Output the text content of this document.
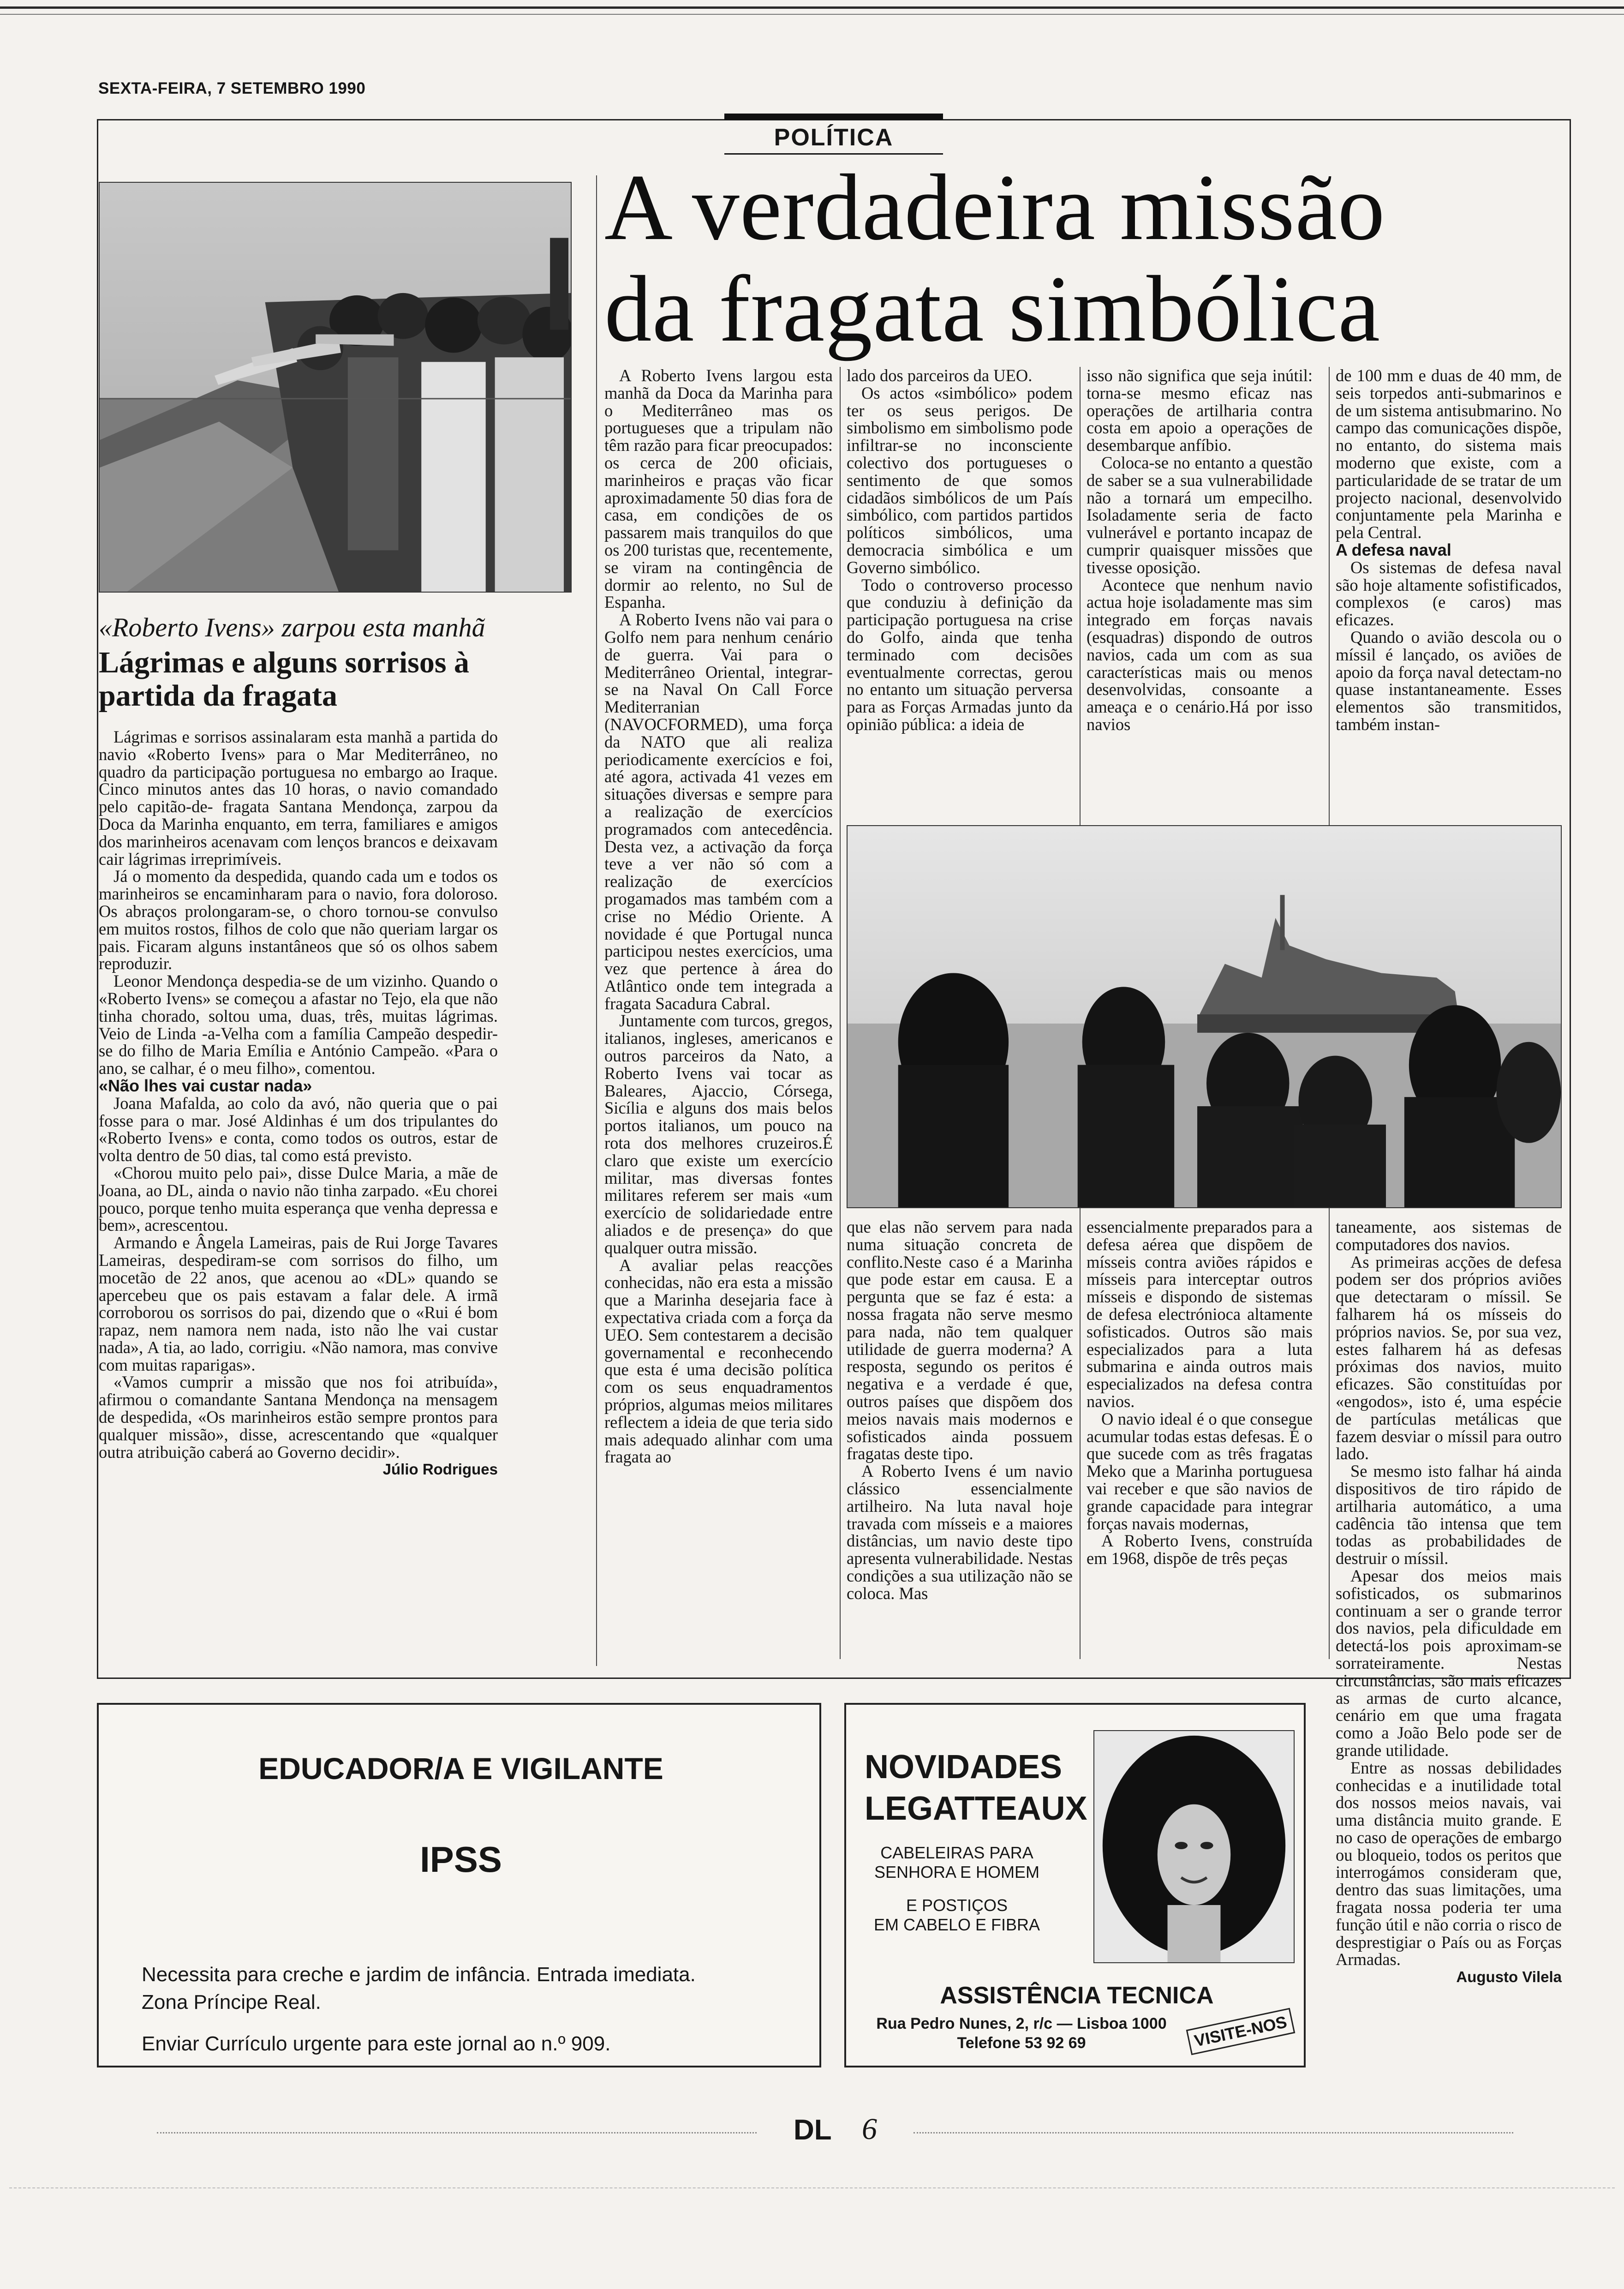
SEXTA-FEIRA, 7 SETEMBRO 1990
POLÍTICA
A verdadeira missão
da fragata simbólica
«Roberto Ivens» zarpou esta manhã
Lágrimas e alguns sorrisos à partida da fragata

Lágrimas e sorrisos assinalaram esta manhã a partida do navio «Roberto Ivens» para o Mar Mediterrâneo, no quadro da participação portuguesa no embargo ao Iraque. Cinco minutos antes das 10 horas, o navio comandado pelo capitão-de- fragata Santana Mendonça, zarpou da Doca da Marinha enquanto, em terra, familiares e amigos dos marinheiros acenavam com lenços brancos e deixavam cair lágrimas irreprimíveis.

Já o momento da despedida, quando cada um e todos os marinheiros se encaminharam para o navio, fora doloroso. Os abraços prolongaram-se, o choro tornou-se convulso em muitos rostos, filhos de colo que não queriam largar os pais. Ficaram alguns instantâneos que só os olhos sabem reproduzir.

Leonor Mendonça despedia-se de um vizinho. Quando o «Roberto Ivens» se começou a afastar no Tejo, ela que não tinha chorado, soltou uma, duas, três, muitas lágrimas. Veio de Linda -a-Velha com a família Campeão despedir-se do filho de Maria Emília e António Campeão. «Para o ano, se calhar, é o meu filho», comentou.

«Não lhes vai custar nada»

Joana Mafalda, ao colo da avó, não queria que o pai fosse para o mar. José Aldinhas é um dos tripulantes do «Roberto Ivens» e conta, como todos os outros, estar de volta dentro de 50 dias, tal como está previsto.

«Chorou muito pelo pai», disse Dulce Maria, a mãe de Joana, ao DL, ainda o navio não tinha zarpado. «Eu chorei pouco, porque tenho muita esperança que venha depressa e bem», acrescentou.

Armando e Ângela Lameiras, pais de Rui Jorge Tavares Lameiras, despediram-se com sorrisos do filho, um mocetão de 22 anos, que acenou ao «DL» quando se apercebeu que os pais estavam a falar dele. A irmã corroborou os sorrisos do pai, dizendo que o «Rui é bom rapaz, nem namora nem nada, isto não lhe vai custar nada», A tia, ao lado, corrigiu. «Não namora, mas convive com muitas raparigas».

«Vamos cumprir a missão que nos foi atribuída», afirmou o comandante Santana Mendonça na mensagem de despedida, «Os marinheiros estão sempre prontos para qualquer missão», disse, acrescentando que «qualquer outra atribuição caberá ao Governo decidir».

Júlio Rodrigues

A Roberto Ivens largou esta manhã da Doca da Marinha para o Mediterrâneo mas os portugueses que a tripulam não têm razão para ficar preocupados: os cerca de 200 oficiais, marinheiros e praças vão ficar aproximadamente 50 dias fora de casa, em condições de os passarem mais tranquilos do que os 200 turistas que, recentemente, se viram na contingência de dormir ao relento, no Sul de Espanha.

A Roberto Ivens não vai para o Golfo nem para nenhum cenário de guerra. Vai para o Mediterrâneo Oriental, integrar-se na Naval On Call Force Mediterranian (NAVOCFORMED), uma força da NATO que ali realiza periodicamente exercícios e foi, até agora, activada 41 vezes em situações diversas e sempre para a realização de exercícios programados com antecedência. Desta vez, a activação da força teve a ver não só com a realização de exercícios progamados mas também com a crise no Médio Oriente. A novidade é que Portugal nunca participou nestes exercícios, uma vez que pertence à área do Atlântico onde tem integrada a fragata Sacadura Cabral.

Juntamente com turcos, gregos, italianos, ingleses, americanos e outros parceiros da Nato, a Roberto Ivens vai tocar as Baleares, Ajaccio, Córsega, Sicília e alguns dos mais belos portos italianos, um pouco na rota dos melhores cruzeiros.É claro que existe um exercício militar, mas diversas fontes militares referem ser mais «um exercício de solidariedade entre aliados e de presença» do que qualquer outra missão.

A avaliar pelas reacções conhecidas, não era esta a missão que a Marinha desejaria face à expectativa criada com a força da UEO. Sem contestarem a decisão governamental e reconhecendo que esta é uma decisão política com os seus enquadramentos próprios, algumas meios militares reflectem a ideia de que teria sido mais adequado alinhar com uma fragata ao

lado dos parceiros da UEO.

Os actos «simbólico» podem ter os seus perigos. De simbolismo em simbolismo pode infiltrar-se no inconsciente colectivo dos portugueses o sentimento de que somos cidadãos simbólicos de um País simbólico, com partidos partidos políticos simbólicos, uma democracia simbólica e um Governo simbólico.

Todo o controverso processo que conduziu à definição da participação portuguesa na crise do Golfo, ainda que tenha terminado com decisões eventualmente correctas, gerou no entanto um situação perversa para as Forças Armadas junto da opinião pública: a ideia de

isso não significa que seja inútil: torna-se mesmo eficaz nas operações de artilharia contra costa em apoio a operações de desembarque anfíbio.

Coloca-se no entanto a questão de saber se a sua vulnerabilidade não a tornará um empecilho. Isoladamente seria de facto vulnerável e portanto incapaz de cumprir quaisquer missões que tivesse oposição.

Acontece que nenhum navio actua hoje isoladamente mas sim integrado em forças navais (esquadras) dispondo de outros navios, cada um com as sua características mais ou menos desenvolvidas, consoante a ameaça e o cenário.Há por isso navios

de 100 mm e duas de 40 mm, de seis torpedos anti-submarinos e de um sistema antisubmarino. No campo das comunicações dispõe, no entanto, do sistema mais moderno que existe, com a particularidade de se tratar de um projecto nacional, desenvolvido conjuntamente pela Marinha e pela Central.

A defesa naval

Os sistemas de defesa naval são hoje altamente sofistificados, complexos (e caros) mas eficazes.

Quando o avião descola ou o míssil é lançado, os aviões de apoio da força naval detectam-no quase instantaneamente. Esses elementos são transmitidos, também instan-

que elas não servem para nada numa situação concreta de conflito.Neste caso é a Marinha que pode estar em causa. E a pergunta que se faz é esta: a nossa fragata não serve mesmo para nada, não tem qualquer utilidade de guerra moderna? A resposta, segundo os peritos é negativa e a verdade é que, outros países que dispõem dos meios navais mais modernos e sofisticados ainda possuem fragatas deste tipo.

A Roberto Ivens é um navio clássico essencialmente artilheiro. Na luta naval hoje travada com mísseis e a maiores distâncias, um navio deste tipo apresenta vulnerabilidade. Nestas condições a sua utilização não se coloca. Mas

essencialmente preparados para a defesa aérea que dispõem de mísseis contra aviões rápidos e mísseis para interceptar outros mísseis e dispondo de sistemas de defesa electrónioca altamente sofisticados. Outros são mais especializados para a luta submarina e ainda outros mais especializados na defesa contra navios.

O navio ideal é o que consegue acumular todas estas defesas. É o que sucede com as três fragatas Meko que a Marinha portuguesa vai receber e que são navios de grande capacidade para integrar forças navais modernas,

A Roberto Ivens, construída em 1968, dispõe de três peças

taneamente, aos sistemas de computadores dos navios.

As primeiras acções de defesa podem ser dos próprios aviões que detectaram o míssil. Se falharem há os mísseis do próprios navios. Se, por sua vez, estes falharem há as defesas próximas dos navios, muito eficazes. São constituídas por «engodos», isto é, uma espécie de partículas metálicas que fazem desviar o míssil para outro lado.

Se mesmo isto falhar há ainda dispositivos de tiro rápido de artilharia automático, a uma cadência tão intensa que tem todas as probabilidades de destruir o míssil.

Apesar dos meios mais sofisticados, os submarinos continuam a ser o grande terror dos navios, pela dificuldade em detectá-los pois aproximam-se sorrateiramente. Nestas circunstâncias, são mais eficazes as armas de curto alcance, cenário em que uma fragata como a João Belo pode ser de grande utilidade.

Entre as nossas debilidades conhecidas e a inutilidade total dos nossos meios navais, vai uma distância muito grande. E no caso de operações de embargo ou bloqueio, todos os peritos que interrogámos consideram que, dentro das suas limitações, uma fragata nossa poderia ter uma função útil e não corria o risco de desprestigiar o País ou as Forças Armadas.

Augusto Vilela
EDUCADOR/A E VIGILANTE
IPSS
Necessita para creche e jardim de infância. Entrada imediata.
Zona Príncipe Real.
Enviar Currículo urgente para este jornal ao n.º 909.
NOVIDADES
LEGATTEAUX
CABELEIRAS PARA
SENHORA E HOMEM
E POSTIÇOS
EM CABELO E FIBRA
ASSISTÊNCIA TECNICA
Rua Pedro Nunes, 2, r/c — Lisboa 1000
Telefone 53 92 69	VISITE-NOS
DL 6
